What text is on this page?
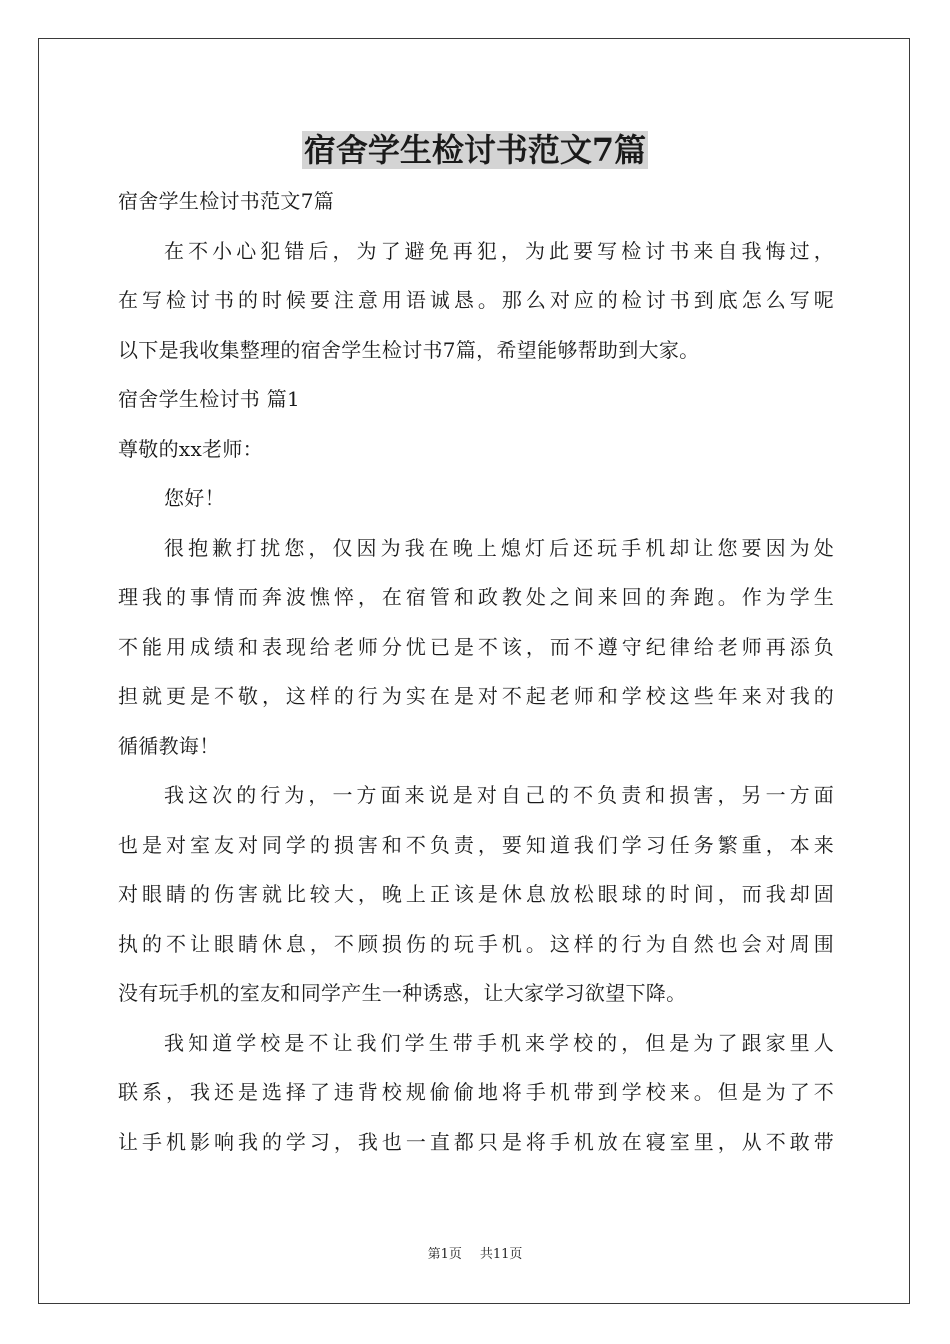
宿舍学生检讨书范文7篇

宿舍学生检讨书范文7篇

在不小心犯错后，为了避免再犯，为此要写检讨书来自我悔过，

在写检讨书的时候要注意用语诚恳。那么对应的检讨书到底怎么写呢

以下是我收集整理的宿舍学生检讨书7篇，希望能够帮助到大家。

宿舍学生检讨书 篇1

尊敬的xx老师：

您好！

很抱歉打扰您，仅因为我在晚上熄灯后还玩手机却让您要因为处

理我的事情而奔波憔悴，在宿管和政教处之间来回的奔跑。作为学生

不能用成绩和表现给老师分忧已是不该，而不遵守纪律给老师再添负

担就更是不敬，这样的行为实在是对不起老师和学校这些年来对我的

循循教诲！

我这次的行为，一方面来说是对自己的不负责和损害，另一方面

也是对室友对同学的损害和不负责，要知道我们学习任务繁重，本来

对眼睛的伤害就比较大，晚上正该是休息放松眼球的时间，而我却固

执的不让眼睛休息，不顾损伤的玩手机。这样的行为自然也会对周围

没有玩手机的室友和同学产生一种诱惑，让大家学习欲望下降。

我知道学校是不让我们学生带手机来学校的，但是为了跟家里人

联系，我还是选择了违背校规偷偷地将手机带到学校来。但是为了不

让手机影响我的学习，我也一直都只是将手机放在寝室里，从不敢带

第1页 共11页
